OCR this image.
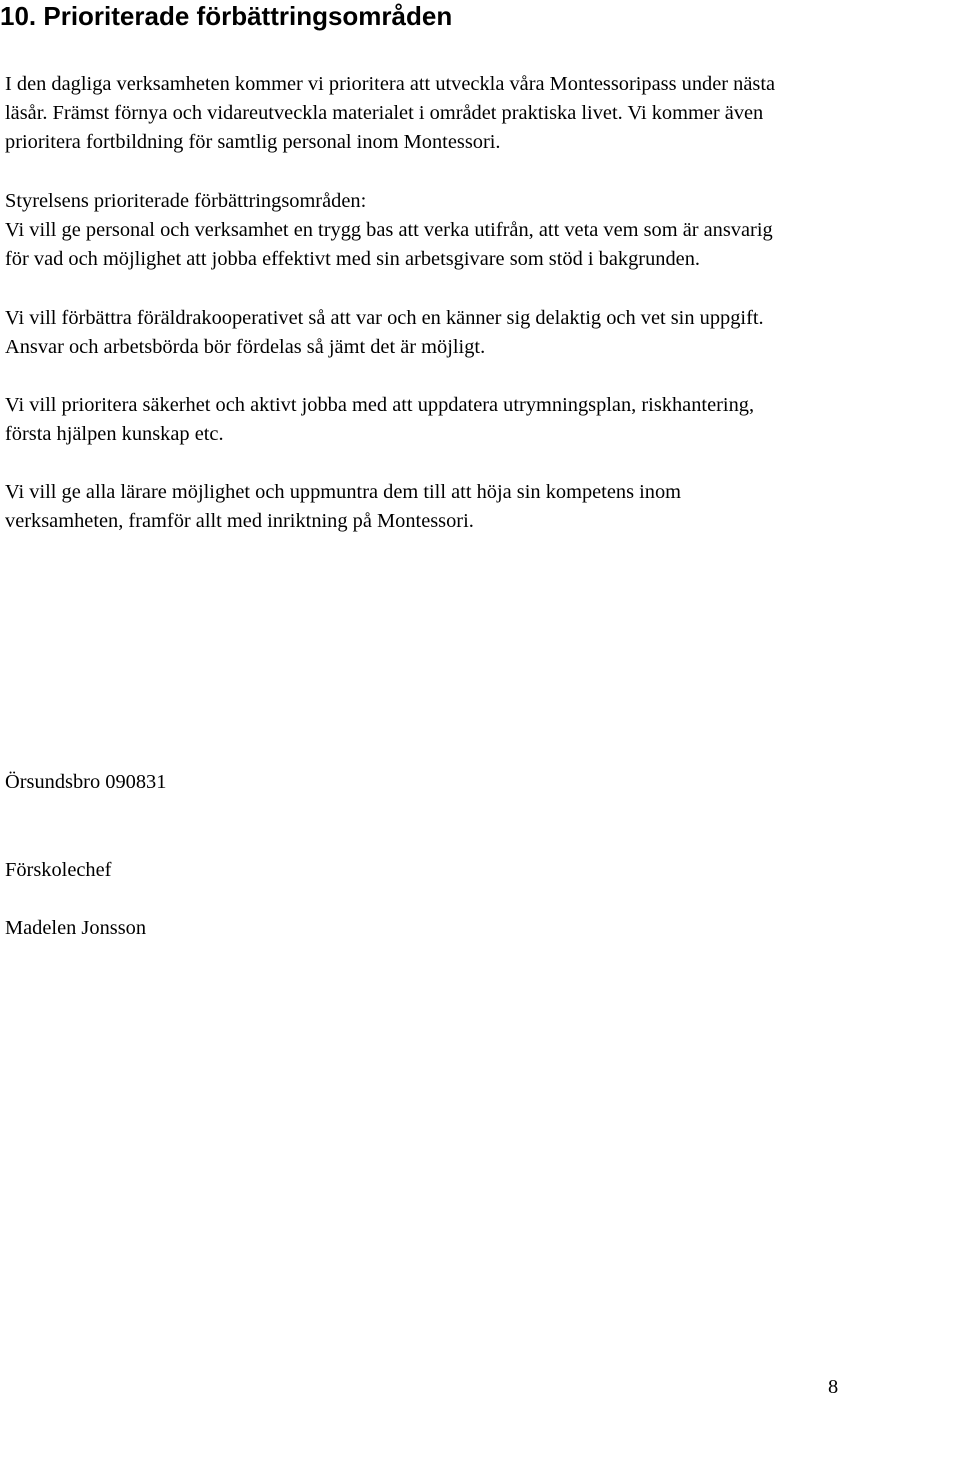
10. Prioriterade förbättringsområden

I den dagliga verksamheten kommer vi prioritera att utveckla våra Montessoripass under nästa
läsår. Främst förnya och vidareutveckla materialet i området praktiska livet. Vi kommer även
prioritera fortbildning för samtlig personal inom Montessori.

Styrelsens prioriterade förbättringsområden:
Vi vill ge personal och verksamhet en trygg bas att verka utifrån, att veta vem som är ansvarig
för vad och möjlighet att jobba effektivt med sin arbetsgivare som stöd i bakgrunden.

Vi vill förbättra föräldrakooperativet så att var och en känner sig delaktig och vet sin uppgift.
Ansvar och arbetsbörda bör fördelas så jämt det är möjligt.

Vi vill prioritera säkerhet och aktivt jobba med att uppdatera utrymningsplan, riskhantering,
första hjälpen kunskap etc.

Vi vill ge alla lärare möjlighet och uppmuntra dem till att höja sin kompetens inom
verksamheten, framför allt med inriktning på Montessori.

Örsundsbro 090831

Förskolechef

Madelen Jonsson

8
